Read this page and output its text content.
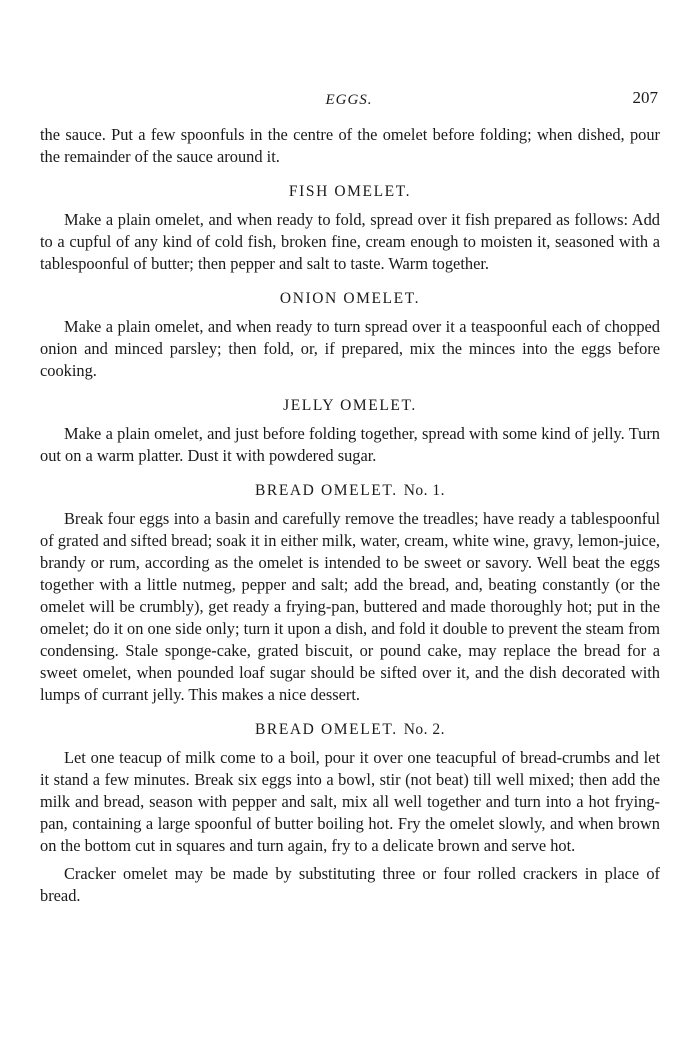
EGGS.	207

the sauce. Put a few spoonfuls in the centre of the omelet before folding; when dished, pour the remainder of the sauce around it.

FISH OMELET.

Make a plain omelet, and when ready to fold, spread over it fish prepared as follows: Add to a cupful of any kind of cold fish, broken fine, cream enough to moisten it, seasoned with a tablespoonful of butter; then pepper and salt to taste. Warm together.

ONION OMELET.

Make a plain omelet, and when ready to turn spread over it a teaspoonful each of chopped onion and minced parsley; then fold, or, if prepared, mix the minces into the eggs before cooking.

JELLY OMELET.

Make a plain omelet, and just before folding together, spread with some kind of jelly. Turn out on a warm platter. Dust it with powdered sugar.

BREAD OMELET. No. 1.

Break four eggs into a basin and carefully remove the treadles; have ready a tablespoonful of grated and sifted bread; soak it in either milk, water, cream, white wine, gravy, lemon-juice, brandy or rum, according as the omelet is intended to be sweet or savory. Well beat the eggs together with a little nutmeg, pepper and salt; add the bread, and, beating constantly (or the omelet will be crumbly), get ready a frying-pan, buttered and made thoroughly hot; put in the omelet; do it on one side only; turn it upon a dish, and fold it double to prevent the steam from condensing. Stale sponge-cake, grated biscuit, or pound cake, may replace the bread for a sweet omelet, when pounded loaf sugar should be sifted over it, and the dish decorated with lumps of currant jelly. This makes a nice dessert.

BREAD OMELET. No. 2.

Let one teacup of milk come to a boil, pour it over one teacupful of bread-crumbs and let it stand a few minutes. Break six eggs into a bowl, stir (not beat) till well mixed; then add the milk and bread, season with pepper and salt, mix all well together and turn into a hot frying-pan, containing a large spoonful of butter boiling hot. Fry the omelet slowly, and when brown on the bottom cut in squares and turn again, fry to a delicate brown and serve hot.

Cracker omelet may be made by substituting three or four rolled crackers in place of bread.
